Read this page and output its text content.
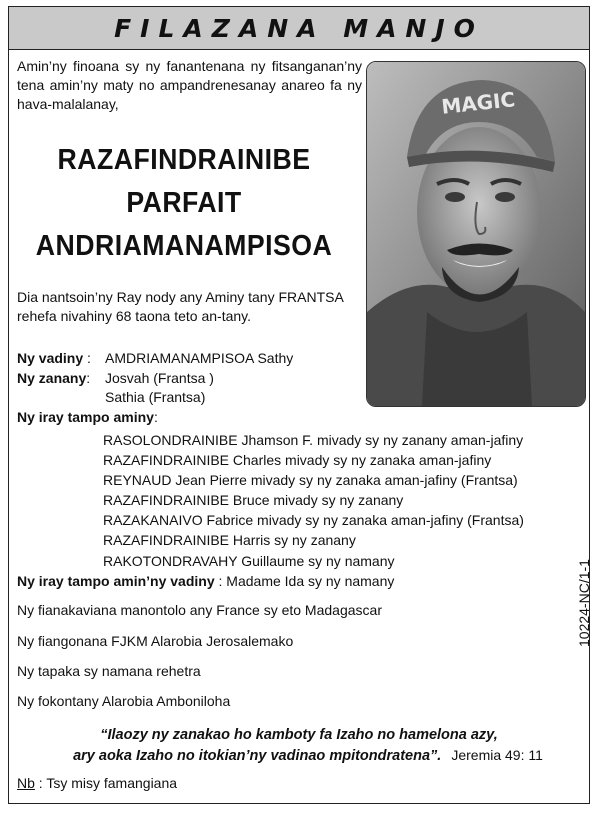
FILAZANA MANJO
Amin’ny finoana sy ny fanantenana ny fitsanganan’ny tena amin’ny maty no ampandrenesanay anareo fa ny hava-malalanay,
RAZAFINDRAINIBE
PARFAIT
ANDRIAMANAMPISOA
Dia nantsoin’ny Ray nody any Aminy tany FRANTSA rehefa nivahiny 68 taona teto an-tany.
MAGIC
Ny vadiny : AMDRIAMANAMPISOA Sathy
Ny zanany: Josvah (Frantsa )
Sathia (Frantsa)
Ny iray tampo aminy:
RASOLONDRAINIBE Jhamson F. mivady sy ny zanany aman-jafiny
RAZAFINDRAINIBE Charles mivady sy ny zanaka aman-jafiny
REYNAUD Jean Pierre mivady sy ny zanaka aman-jafiny (Frantsa)
RAZAFINDRAINIBE Bruce mivady sy ny zanany
RAZAKANAIVO Fabrice mivady sy ny zanaka aman-jafiny (Frantsa)
RAZAFINDRAINIBE Harris sy ny zanany
RAKOTONDRAVAHY Guillaume sy ny namany
Ny iray tampo amin’ny vadiny : Madame Ida sy ny namany
Ny fianakaviana manontolo any France sy eto Madagascar
Ny fiangonana FJKM Alarobia Jerosalemako
Ny tapaka sy namana rehetra
Ny fokontany Alarobia Amboniloha
10224-NC/1-1
“Ilaozy ny zanakao ho kamboty fa Izaho no hamelona azy,
ary aoka Izaho no itokian’ny vadinao mpitondratena”. Jeremia 49: 11
Nb : Tsy misy famangiana
